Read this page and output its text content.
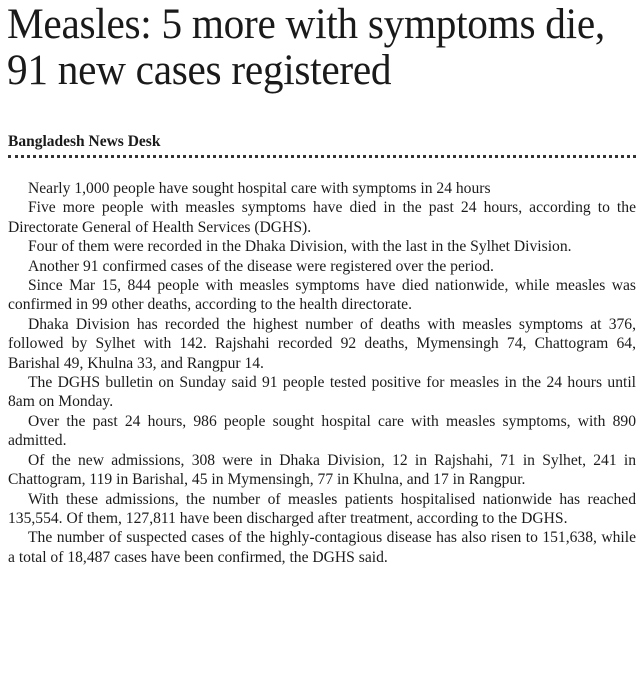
Measles: 5 more with symptoms die, 91 new cases registered
Bangladesh News Desk

Nearly 1,000 people have sought hospital care with symptoms in 24 hours

Five more people with measles symptoms have died in the past 24 hours, according to the Directorate General of Health Services (DGHS).

Four of them were recorded in the Dhaka Division, with the last in the Sylhet Division.

Another 91 confirmed cases of the disease were registered over the period.

Since Mar 15, 844 people with measles symptoms have died nationwide, while measles was confirmed in 99 other deaths, according to the health directorate.

Dhaka Division has recorded the highest number of deaths with measles symptoms at 376, followed by Sylhet with 142. Rajshahi recorded 92 deaths, Mymensingh 74, Chattogram 64, Barishal 49, Khulna 33, and Rangpur 14.

The DGHS bulletin on Sunday said 91 people tested positive for measles in the 24 hours until 8am on Monday.

Over the past 24 hours, 986 people sought hospital care with measles symptoms, with 890 admitted.

Of the new admissions, 308 were in Dhaka Division, 12 in Rajshahi, 71 in Sylhet, 241 in Chattogram, 119 in Barishal, 45 in Mymensingh, 77 in Khulna, and 17 in Rangpur.

With these admissions, the number of measles patients hospitalised nationwide has reached 135,554. Of them, 127,811 have been discharged after treatment, according to the DGHS.

The number of suspected cases of the highly-contagious disease has also risen to 151,638, while a total of 18,487 cases have been confirmed, the DGHS said.
